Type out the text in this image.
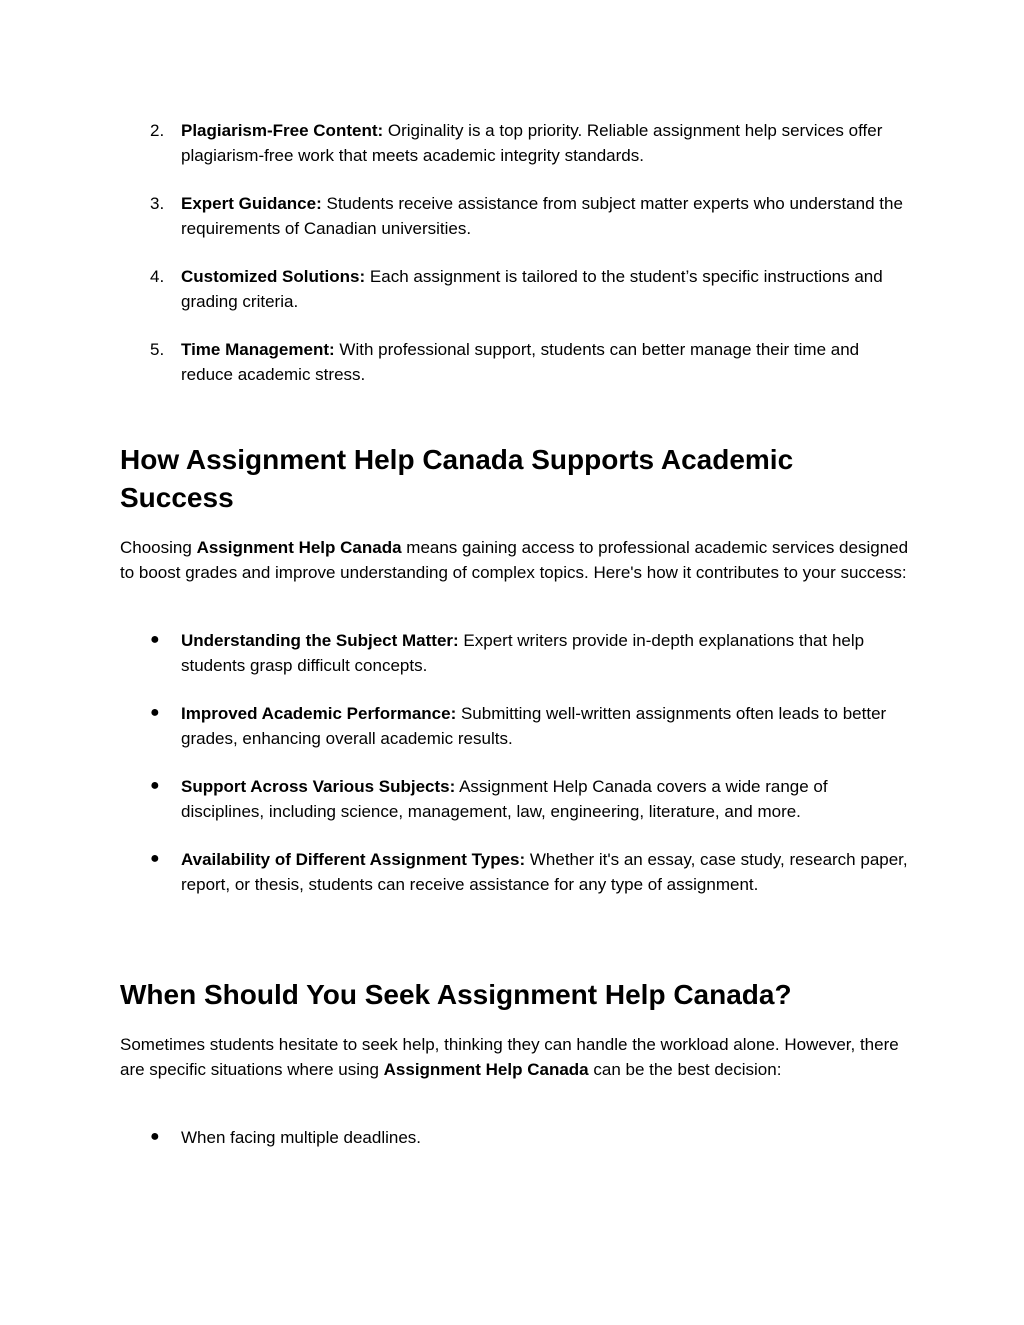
2. Plagiarism-Free Content: Originality is a top priority. Reliable assignment help services offer plagiarism-free work that meets academic integrity standards.
3. Expert Guidance: Students receive assistance from subject matter experts who understand the requirements of Canadian universities.
4. Customized Solutions: Each assignment is tailored to the student’s specific instructions and grading criteria.
5. Time Management: With professional support, students can better manage their time and reduce academic stress.
How Assignment Help Canada Supports Academic Success

Choosing Assignment Help Canada means gaining access to professional academic services designed to boost grades and improve understanding of complex topics. Here's how it contributes to your success:

● Understanding the Subject Matter: Expert writers provide in-depth explanations that help students grasp difficult concepts.
● Improved Academic Performance: Submitting well-written assignments often leads to better grades, enhancing overall academic results.
● Support Across Various Subjects: Assignment Help Canada covers a wide range of disciplines, including science, management, law, engineering, literature, and more.
● Availability of Different Assignment Types: Whether it's an essay, case study, research paper, report, or thesis, students can receive assistance for any type of assignment.
When Should You Seek Assignment Help Canada?

Sometimes students hesitate to seek help, thinking they can handle the workload alone. However, there are specific situations where using Assignment Help Canada can be the best decision:

● When facing multiple deadlines.
